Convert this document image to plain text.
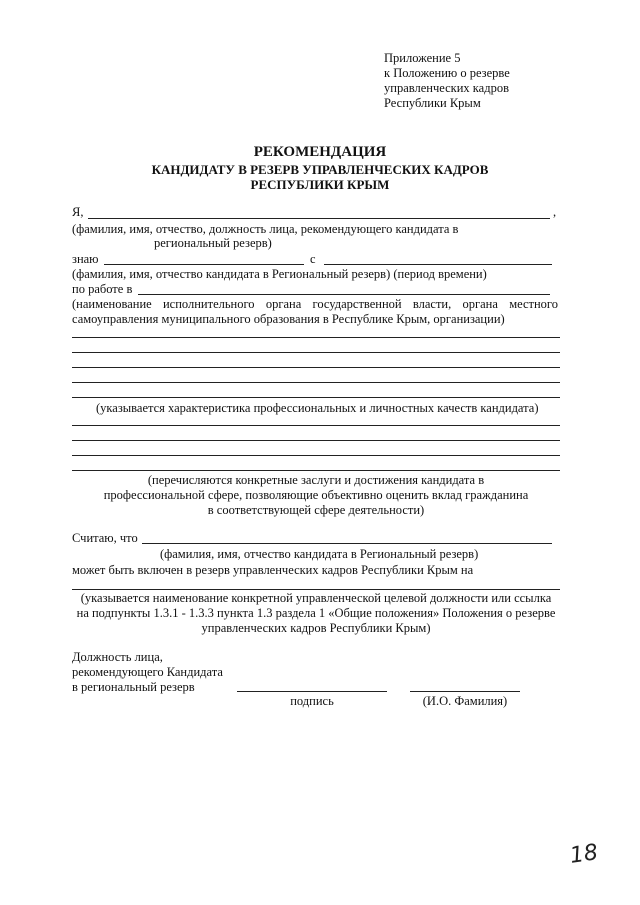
Приложение 5
к Положению о резерве
управленческих кадров
Республики Крым
РЕКОМЕНДАЦИЯ
КАНДИДАТУ В РЕЗЕРВ УПРАВЛЕНЧЕСКИХ КАДРОВ
РЕСПУБЛИКИ КРЫМ
Я,	,
(фамилия, имя, отчество, должность лица, рекомендующего кандидата в
региональный резерв)
знаю	с
(фамилия, имя, отчество кандидата в Региональный резерв) (период времени)
по работе в
(наименование исполнительного органа государственной власти, органа местного
самоуправления муниципального образования в Республике Крым, организации)
(указывается характеристика профессиональных и личностных качеств кандидата)
(перечисляются конкретные заслуги и достижения кандидата в
профессиональной сфере, позволяющие объективно оценить вклад гражданина
в соответствующей сфере деятельности)
Считаю, что
(фамилия, имя, отчество кандидата в Региональный резерв)
может быть включен в резерв управленческих кадров Республики Крым на
(указывается наименование конкретной управленческой целевой должности или ссылка
на подпункты 1.3.1 - 1.3.3 пункта 1.3 раздела 1 «Общие положения» Положения о резерве
управленческих кадров Республики Крым)
Должность лица,
рекомендующего Кандидата
в региональный резерв
подпись	(И.О. Фамилия)
18
